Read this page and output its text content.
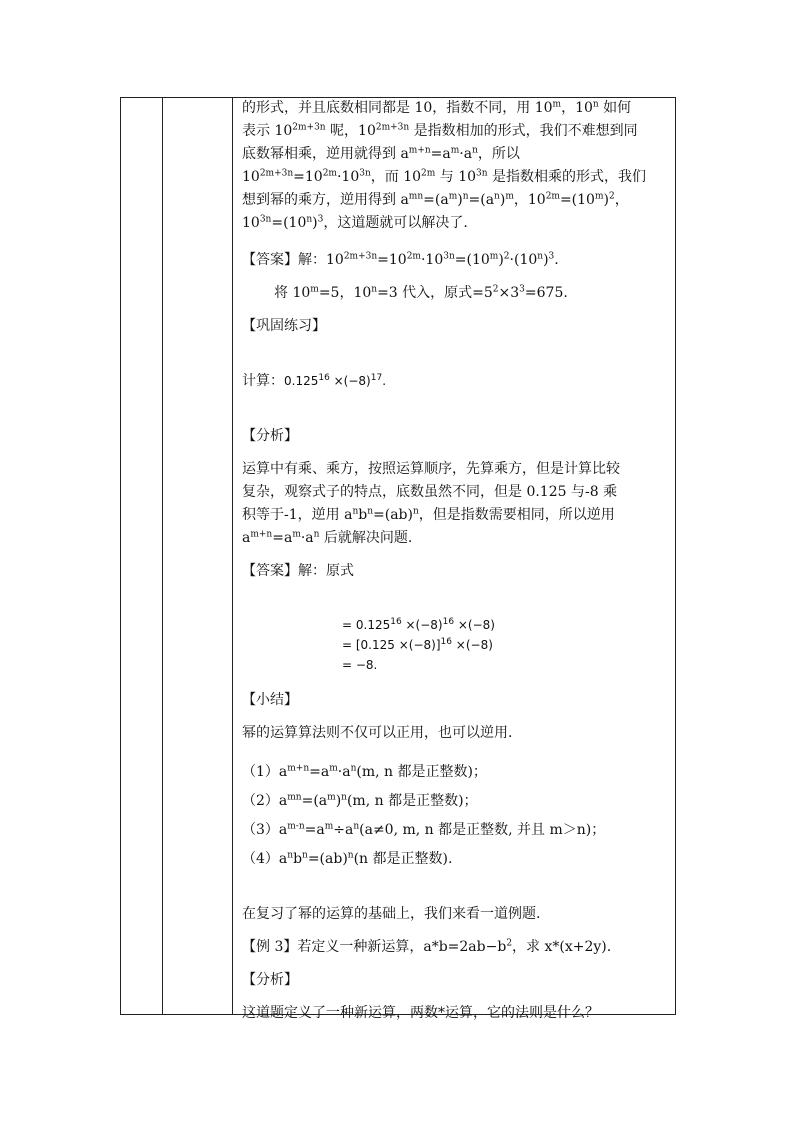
的形式，并且底数相同都是 10，指数不同，用 10$^m$，10$^n$ 如何
表示 $10^{2m+3n}$ 呢，$10^{2m+3n}$ 是指数相加的形式，我们不难想到同
底数幂相乘，逆用就得到 $a^{m+n}=a^m\cdot a^n$，所以
$10^{2m+3n}=10^{2m}\cdot 10^{3n}$，而 $10^{2m}$ 与 $10^{3n}$ 是指数相乘的形式，我们
想到幂的乘方，逆用得到 $a^{mn}=(a^m)^n=(a^n)^m$，$10^{2m}=(10^m)^2$，
$10^{3n}=(10^n)^3$，这道题就可以解决了.

【答案】解：$10^{2m+3n}=10^{2m}\cdot 10^{3n}=(10^m)^2\cdot(10^n)^3$.

将 $10^m=5$，$10^n=3$ 代入，原式$=5^2\times 3^3=675$.

【巩固练习】

计算：$0.125^{16} \times(-8)^{17}$.

【分析】

运算中有乘、乘方，按照运算顺序，先算乘方，但是计算比较
复杂，观察式子的特点，底数虽然不同，但是 0.125 与-8 乘
积等于-1，逆用 $a^nb^n=(ab)^n$，但是指数需要相同，所以逆用
$a^{m+n}=a^m\cdot a^n$ 后就解决问题.

【答案】解：原式

= $0.125^{16} \times(-8)^{16} \times(-8)$
= $[0.125 \times(-8)]^{16} \times(-8)$
= −8.

【小结】

幂的运算算法则不仅可以正用，也可以逆用.

$(1)a^{m+n}=a^m\cdot a^n(m$, n 都是正整数)；

$(2)a^{mn}=(a^m)^n(m$, n 都是正整数)；

$(3)a^{m-n}=a^m\div a^n(a\ne 0$, m, n 都是正整数, 并且 m＞n)；

$(4)a^nb^n=(ab)^n(n$ 都是正整数).

在复习了幂的运算的基础上，我们来看一道例题.

【例 3】若定义一种新运算，$a*b=2ab-b^2$，求 x*(x+2y).

【分析】

这道题定义了一种新运算，两数*运算，它的法则是什么？
